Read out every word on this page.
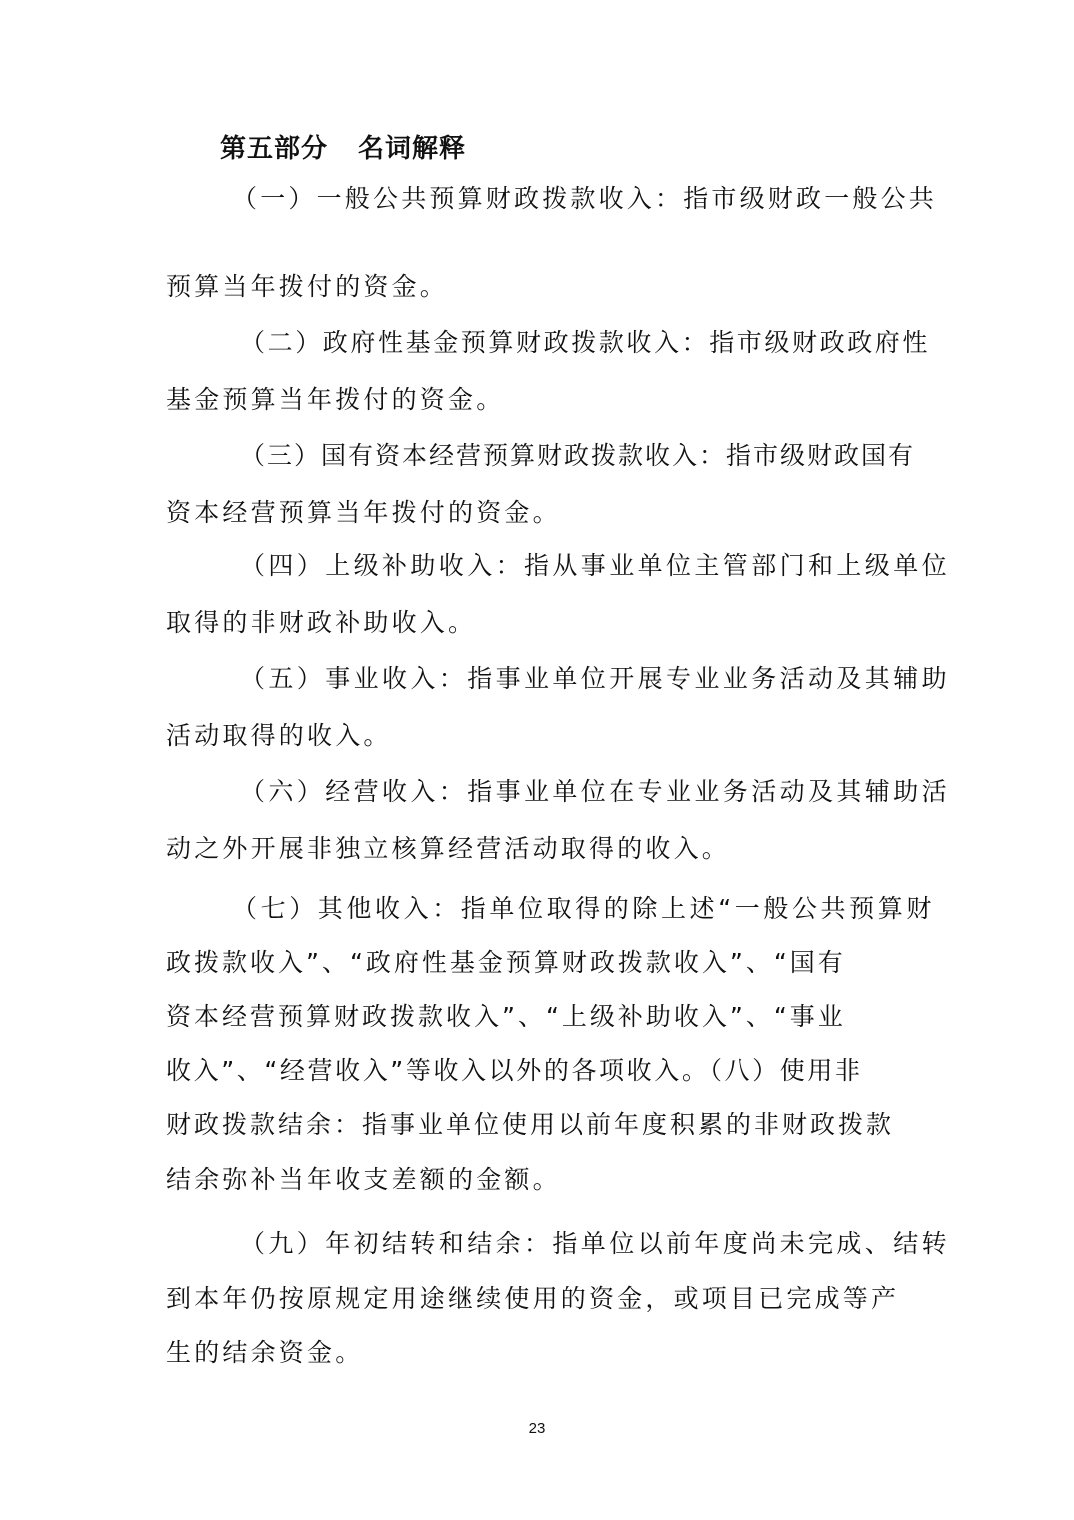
第五部分 名词解释
（一）一般公共预算财政拨款收入：指市级财政一般公共
预算当年拨付的资金。
（二）政府性基金预算财政拨款收入：指市级财政政府性
基金预算当年拨付的资金。
（三）国有资本经营预算财政拨款收入：指市级财政国有
资本经营预算当年拨付的资金。
（四）上级补助收入：指从事业单位主管部门和上级单位
取得的非财政补助收入。
（五）事业收入：指事业单位开展专业业务活动及其辅助
活动取得的收入。
（六）经营收入：指事业单位在专业业务活动及其辅助活
动之外开展非独立核算经营活动取得的收入。
（七）其他收入：指单位取得的除上述“一般公共预算财
政拨款收入”、“政府性基金预算财政拨款收入”、“国有
资本经营预算财政拨款收入”、“上级补助收入”、“事业
收入”、“经营收入”等收入以外的各项收入。（八）使用非
财政拨款结余：指事业单位使用以前年度积累的非财政拨款
结余弥补当年收支差额的金额。
（九）年初结转和结余：指单位以前年度尚未完成、结转
到本年仍按原规定用途继续使用的资金，或项目已完成等产
生的结余资金。
23
